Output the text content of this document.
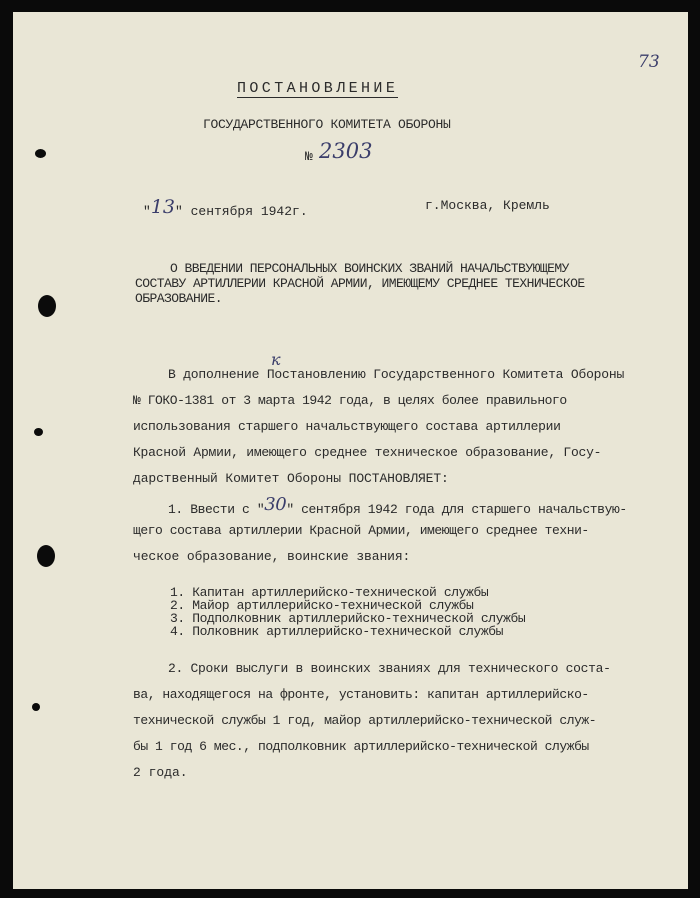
73
ПОСТАНОВЛЕНИЕ
ГОСУДАРСТВЕННОГО КОМИТЕТА ОБОРОНЫ
№ 2303
"13" сентября 1942г.	г.Москва, Кремль
О ВВЕДЕНИИ ПЕРСОНАЛЬНЫХ ВОИНСКИХ ЗВАНИЙ НАЧАЛЬСТВУЮЩЕМУ
СОСТАВУ АРТИЛЛЕРИИ КРАСНОЙ АРМИИ, ИМЕЮЩЕМУ СРЕДНЕЕ ТЕХНИЧЕСКОЕ
ОБРАЗОВАНИЕ.
к
В дополнение Постановлению Государственного Комитета Обороны
№ ГОКО-1381 от 3 марта 1942 года, в целях более правильного
использования старшего начальствующего состава артиллерии
Красной Армии, имеющего среднее техническое образование, Госу-
дарственный Комитет Обороны ПОСТАНОВЛЯЕТ:
1. Ввести с "30" сентября 1942 года для старшего начальствую-
щего состава артиллерии Красной Армии, имеющего среднее техни-
ческое образование, воинские звания:
1. Капитан артиллерийско-технической службы
2. Майор артиллерийско-технической службы
3. Подполковник артиллерийско-технической службы
4. Полковник артиллерийско-технической службы
2. Сроки выслуги в воинских званиях для технического соста-
ва, находящегося на фронте, установить: капитан артиллерийско-
технической службы 1 год, майор артиллерийско-технической служ-
бы 1 год 6 мес., подполковник артиллерийско-технической службы
2 года.
